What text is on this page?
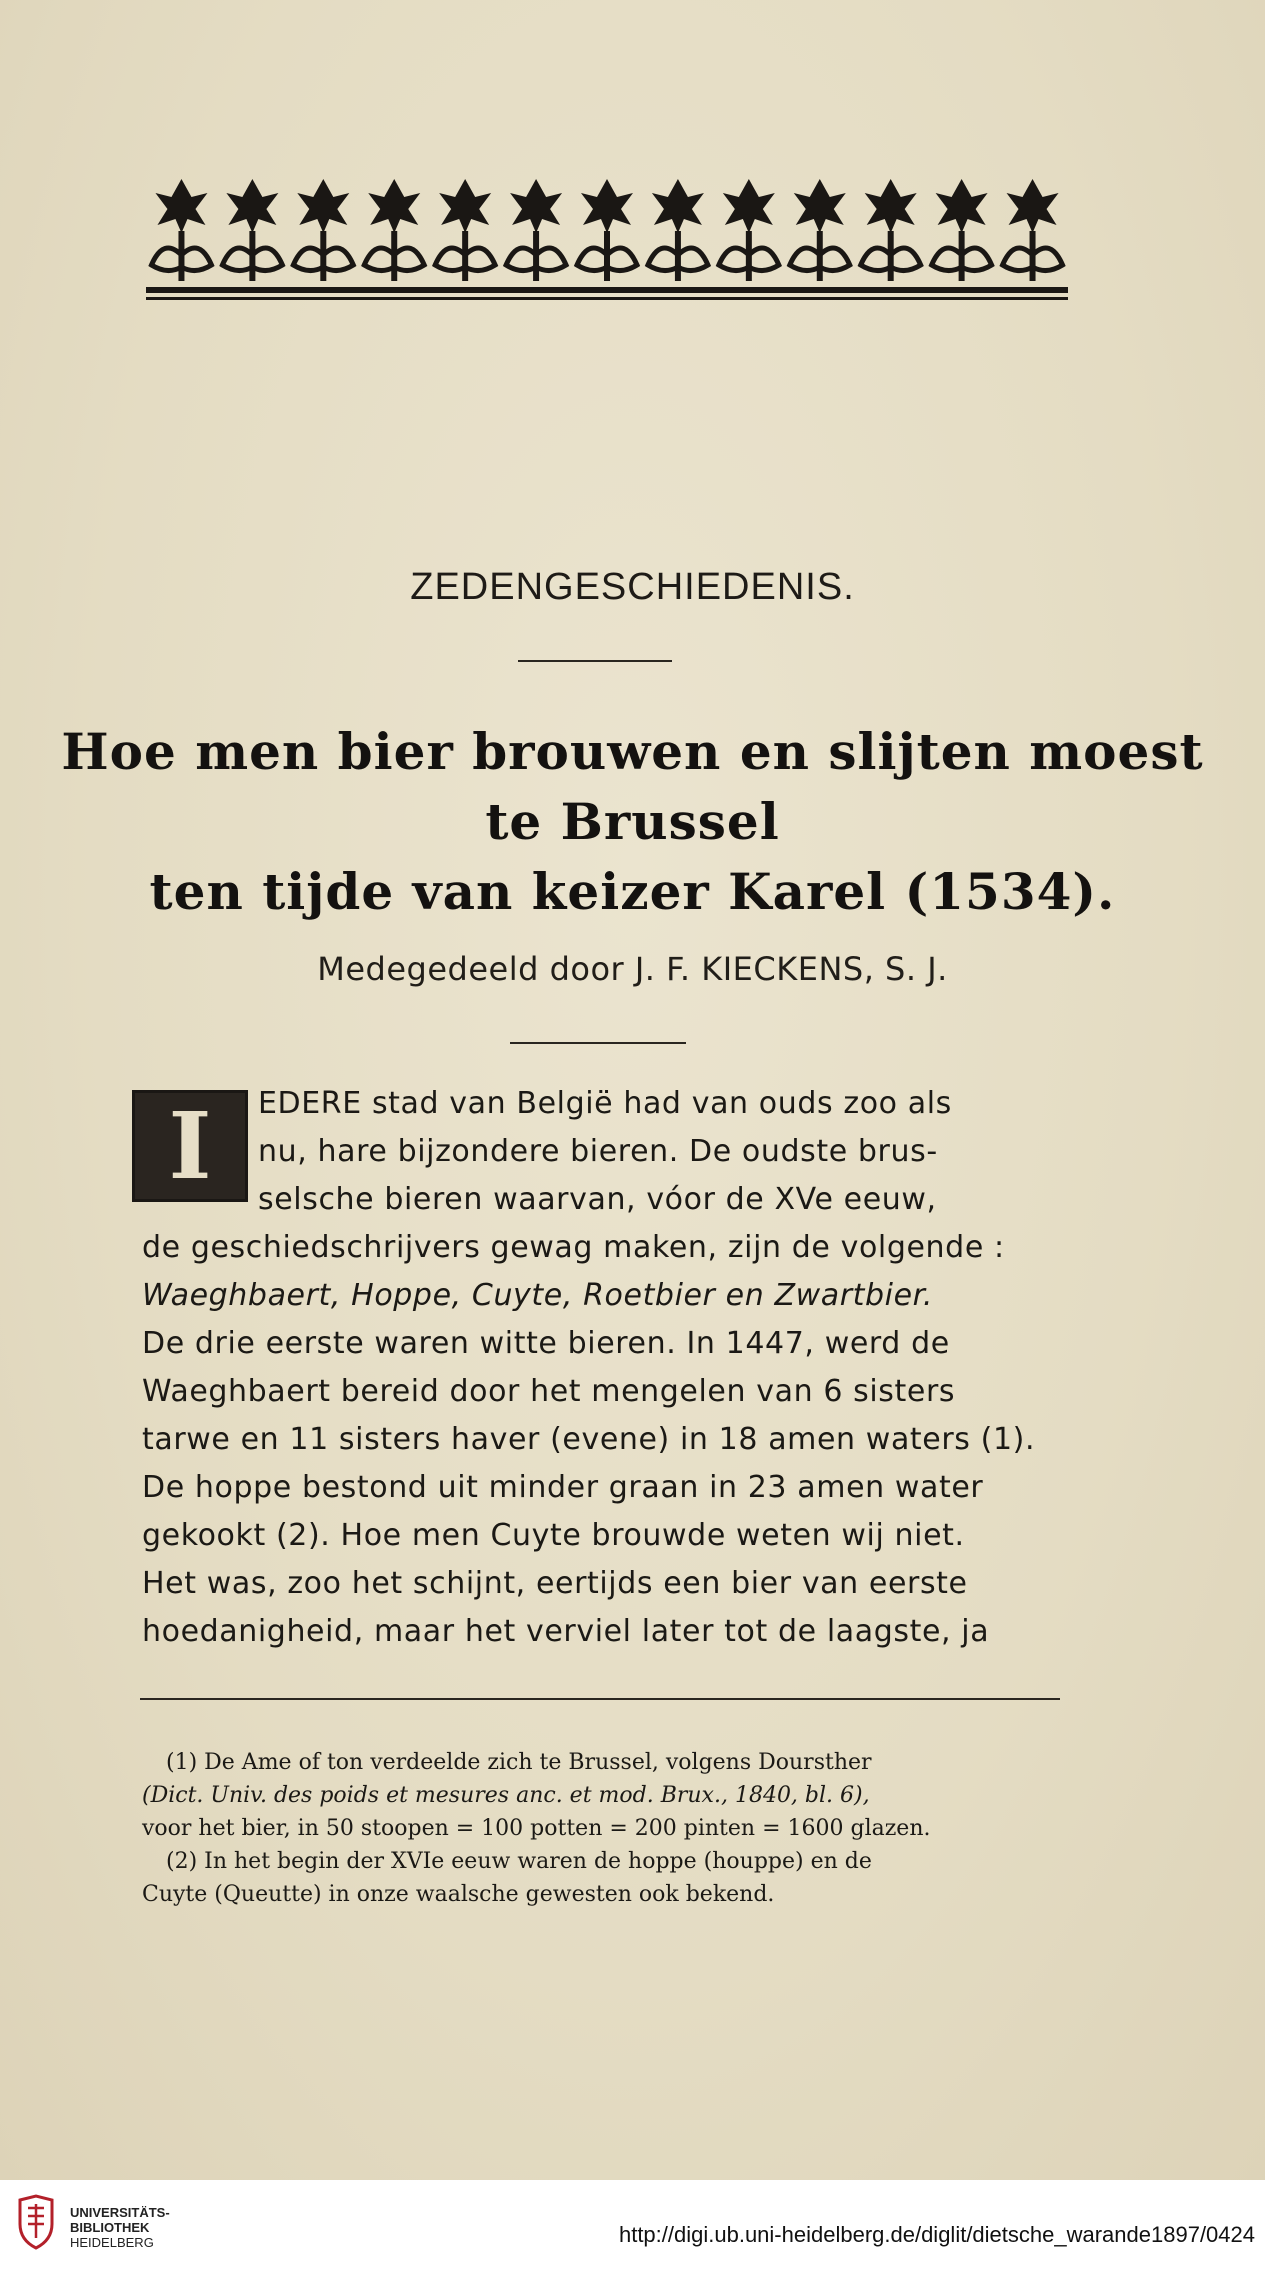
ZEDENGESCHIEDENIS.
Hoe men bier brouwen en slijten moest
te Brussel
ten tijde van keizer Karel (1534).
Medegedeeld door J. F. KIECKENS, S. J.
I EDERE stad van België had van ouds zoo als
nu, hare bijzondere bieren. De oudste brus-
selsche bieren waarvan, vóor de XVe eeuw,
de geschiedschrijvers gewag maken, zijn de volgende :
Waeghbaert, Hoppe, Cuyte, Roetbier en Zwartbier.
De drie eerste waren witte bieren. In 1447, werd de
Waeghbaert bereid door het mengelen van 6 sisters
tarwe en 11 sisters haver (evene) in 18 amen waters (1).
De hoppe bestond uit minder graan in 23 amen water
gekookt (2). Hoe men Cuyte brouwde weten wij niet.
Het was, zoo het schijnt, eertijds een bier van eerste
hoedanigheid, maar het verviel later tot de laagste, ja
(1) De Ame of ton verdeelde zich te Brussel, volgens Doursther
(Dict. Univ. des poids et mesures anc. et mod. Brux., 1840, bl. 6),
voor het bier, in 50 stoopen = 100 potten = 200 pinten = 1600 glazen.
(2) In het begin der XVIe eeuw waren de hoppe (houppe) en de
Cuyte (Queutte) in onze waalsche gewesten ook bekend.
UNIVERSITÄTS-
BIBLIOTHEK
HEIDELBERG	http://digi.ub.uni-heidelberg.de/diglit/dietsche_warande1897/0424
